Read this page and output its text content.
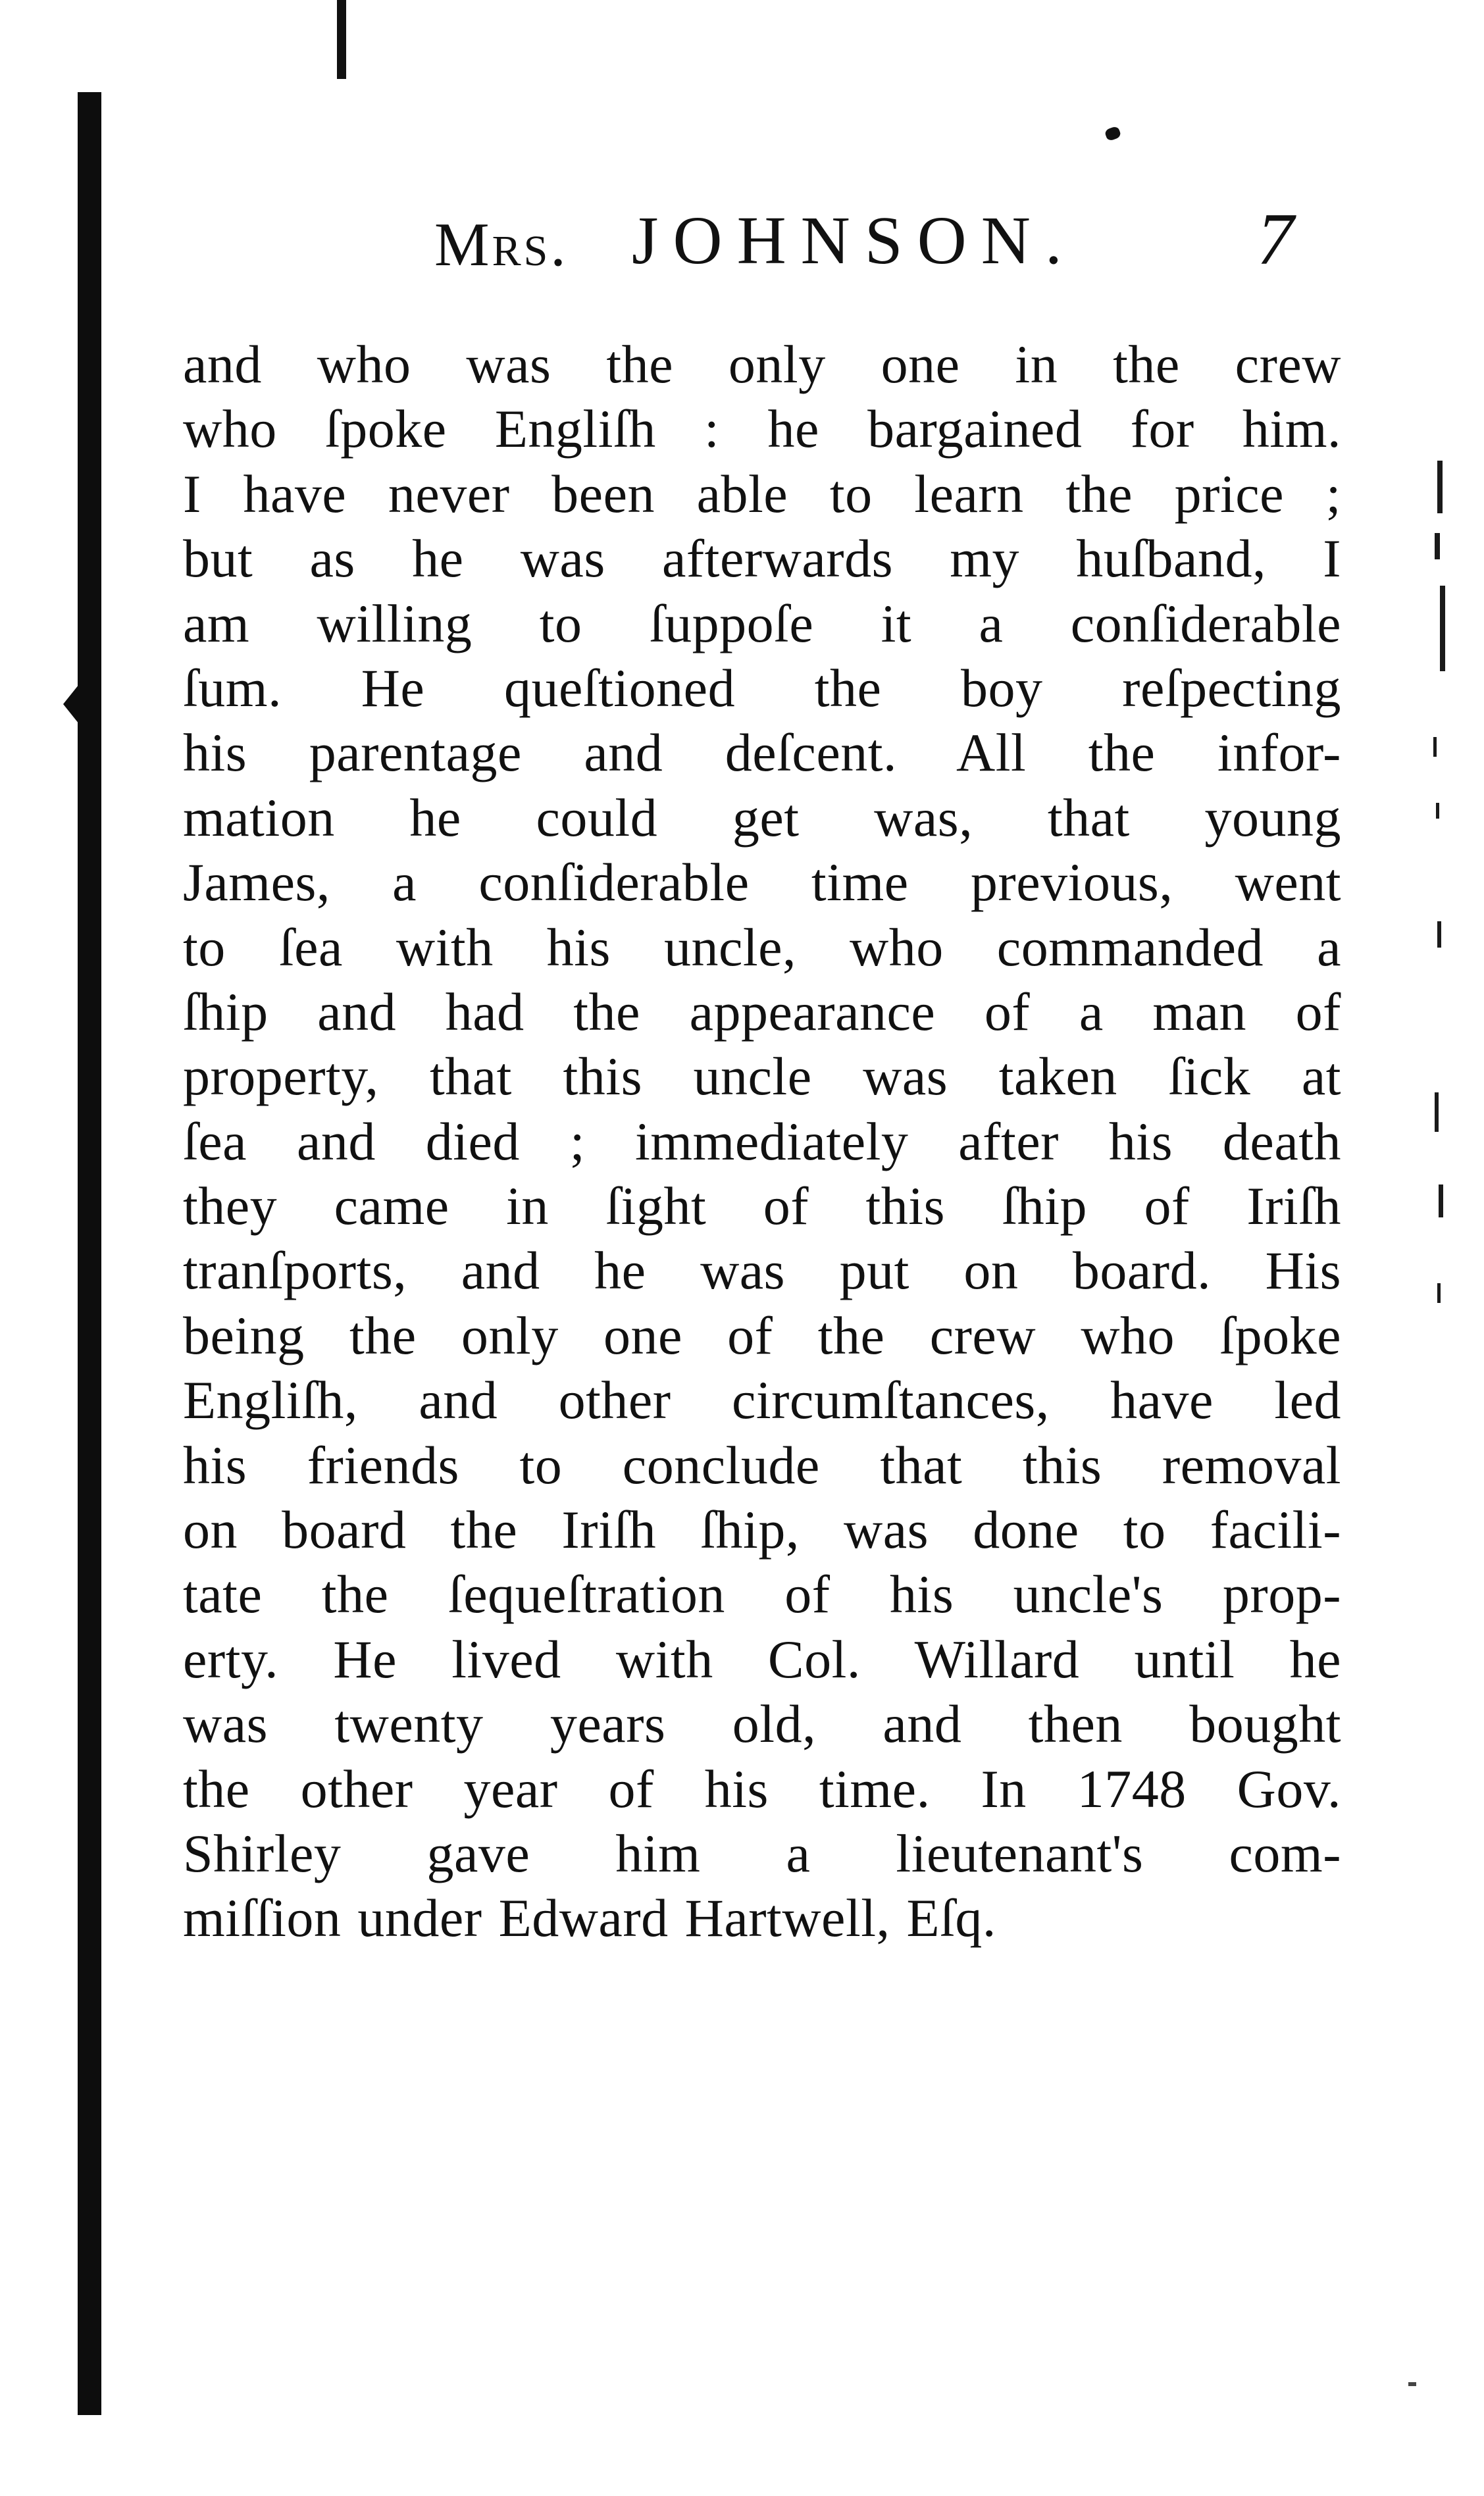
Mrs. JOHNSON. 7
and who was the only one in the crew
who ſpoke Engliſh : he bargained for him.
I have never been able to learn the price ;
but as he was afterwards my huſband, I
am willing to ſuppoſe it a conſiderable
ſum. He queſtioned the boy reſpecting
his parentage and deſcent. All the infor-
mation he could get was, that young
James, a conſiderable time previous, went
to ſea with his uncle, who commanded a
ſhip and had the appearance of a man of
property, that this uncle was taken ſick at
ſea and died ; immediately after his death
they came in ſight of this ſhip of Iriſh
tranſports, and he was put on board. His
being the only one of the crew who ſpoke
Engliſh, and other circumſtances, have led
his friends to conclude that this removal
on board the Iriſh ſhip, was done to facili-
tate the ſequeſtration of his uncle's prop-
erty. He lived with Col. Willard until he
was twenty years old, and then bought
the other year of his time. In 1748 Gov.
Shirley gave him a lieutenant's com-
miſſion under Edward Hartwell, Eſq.
